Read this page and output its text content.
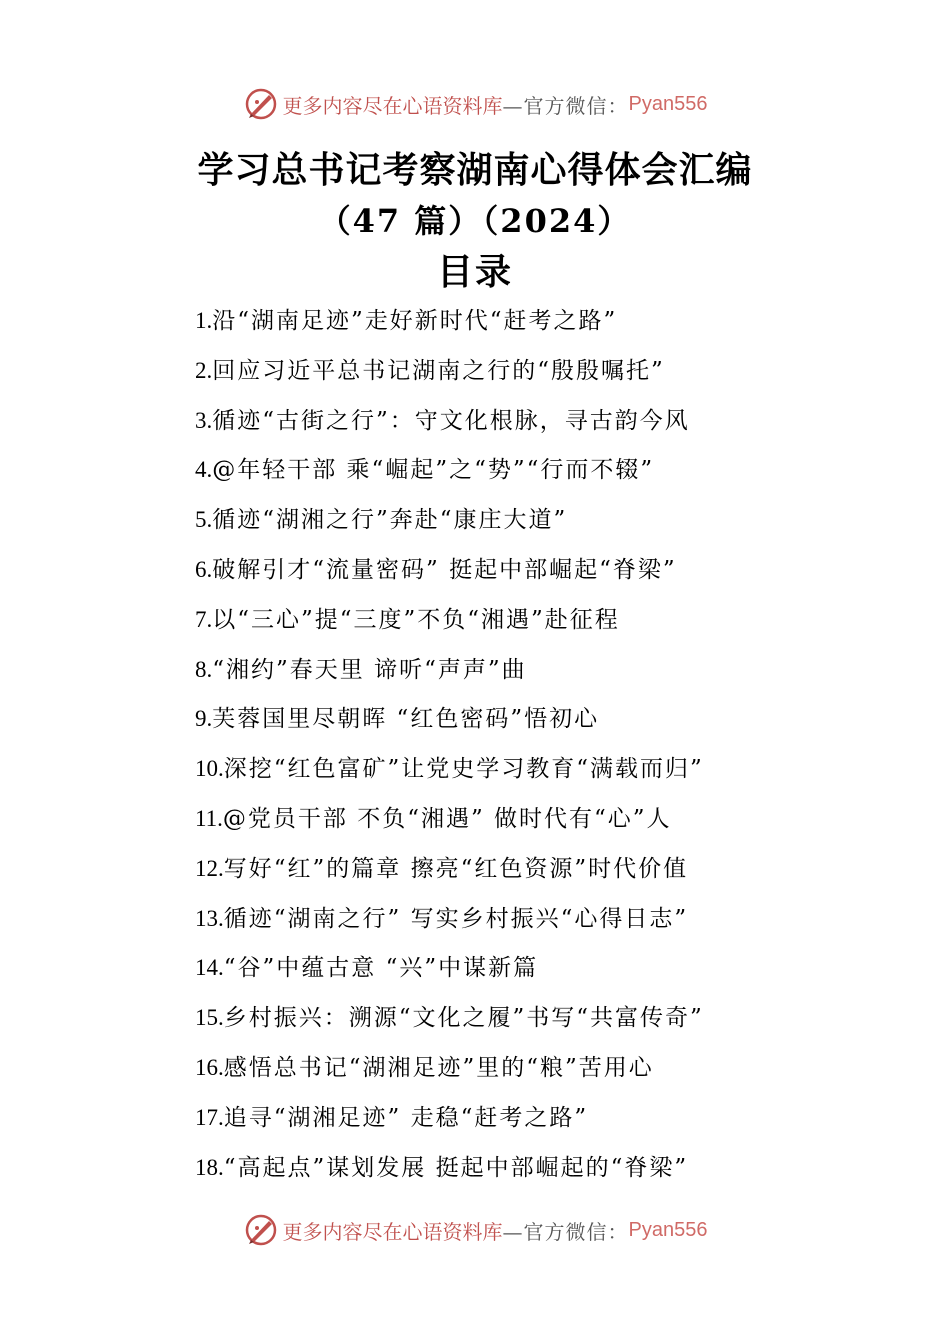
更多内容尽在心语资料库 —官方微信： Pyan556
学习总书记考察湖南心得体会汇编
（47 篇）（2024）
目录
1.沿“湖南足迹”走好新时代“赶考之路”
2.回应习近平总书记湖南之行的“殷殷嘱托”
3.循迹“古街之行”：守文化根脉，寻古韵今风
4.@年轻干部 乘“崛起”之“势”“行而不辍”
5.循迹“湖湘之行”奔赴“康庄大道”
6.破解引才“流量密码” 挺起中部崛起“脊梁”
7.以“三心”提“三度”不负“湘遇”赴征程
8.“湘约”春天里 谛听“声声”曲
9.芙蓉国里尽朝晖 “红色密码”悟初心
10.深挖“红色富矿”让党史学习教育“满载而归”
11.@党员干部 不负“湘遇” 做时代有“心”人
12.写好“红”的篇章 擦亮“红色资源”时代价值
13.循迹“湖南之行” 写实乡村振兴“心得日志”
14.“谷”中蕴古意 “兴”中谋新篇
15.乡村振兴：溯源“文化之履”书写“共富传奇”
16.感悟总书记“湖湘足迹”里的“粮”苦用心
17.追寻“湖湘足迹” 走稳“赶考之路”
18.“高起点”谋划发展 挺起中部崛起的“脊梁”
更多内容尽在心语资料库 —官方微信： Pyan556
